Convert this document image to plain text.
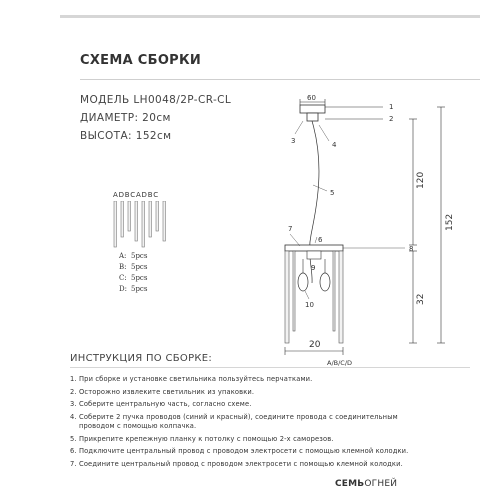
СХЕМА СБОРКИ
МОДЕЛЬ LH0048/2P-CR-CL
ДИАМЕТР: 20см
ВЫСОТА: 152см
ADBCADBC
A: 5pcs
B: 5pcs
C: 5pcs
D: 5pcs
60
1
2
3	4
5
8
7
6
9
10
120
152
32
20
A/B/C/D
ИНСТРУКЦИЯ ПО СБОРКЕ:
1. При сборке и установке светильника пользуйтесь перчатками.
2. Осторожно извлеките светильник из упаковки.
3. Соберите центральную часть, согласно схеме.
4. Соберите 2 пучка проводов (синий и красный), соедините провода с соединительным
проводом с помощью колпачка.
5. Прикрепите крепежную планку к потолку с помощью 2-х саморезов.
6. Подключите центральный провод с проводом электросети с помощью клемной колодки.
7. Соедините центральный провод с проводом электросети с помощью клемной колодки.
СЕМЬОГНЕЙ
